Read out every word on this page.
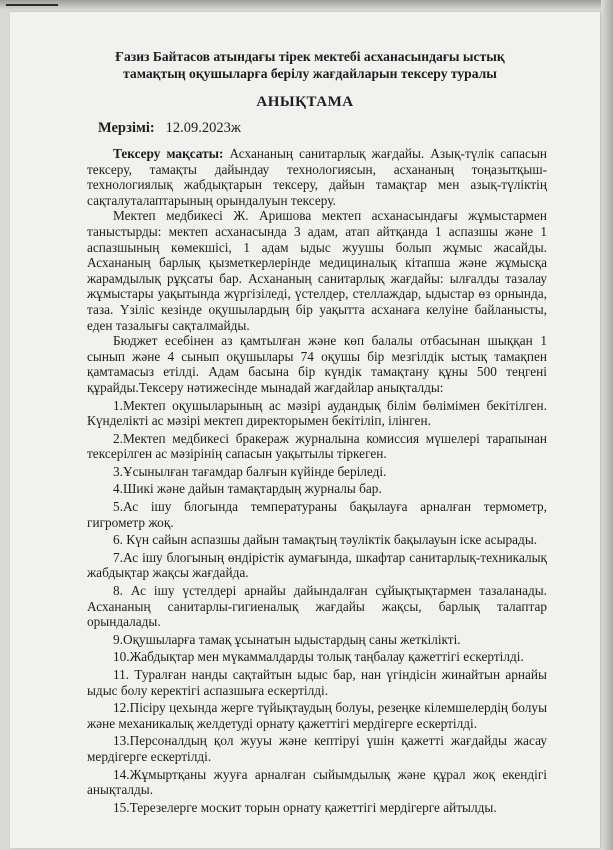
Ғазиз Байтасов атындағы тірек мектебі асханасындағы ыстық
тамақтың оқушыларға берілу жағдайларын тексеру туралы
АНЫҚТАМА
Мерзімі: 12.09.2023ж

Тексеру мақсаты: Асхананың санитарлық жағдайы. Азық-түлік сапасын тексеру, тамақты дайындау технологиясын, асхананың тоңазытқыш-технологиялық жабдықтарын тексеру, дайын тамақтар мен азық-түліктің сақталуталаптарының орындалуын тексеру.

Мектеп медбикесі Ж. Аришова мектеп асханасындағы жұмыстармен таныстырды: мектеп асханасында 3 адам, атап айтқанда 1 аспазшы және 1 аспазшының көмекшісі, 1 адам ыдыс жуушы болып жұмыс жасайды. Асхананың барлық қызметкерлерінде медициналық кітапша және жұмысқа жарамдылық рұқсаты бар. Асхананың санитарлық жағдайы: ылғалды тазалау жұмыстары уақытында жүргізіледі, үстелдер, стеллаждар, ыдыстар өз орнында, таза. Үзіліс кезінде оқушылардың бір уақытта асханаға келуіне байланысты, еден тазалығы сақталмайды.

Бюджет есебінен аз қамтылған және көп балалы отбасынан шыққан 1 сынып және 4 сынып оқушылары 74 оқушы бір мезгілдік ыстық тамақпен қамтамасыз етілді. Адам басына бір күндік тамақтану құны 500 теңгені құрайды.Тексеру нәтижесінде мынадай жағдайлар анықталды:

1.Мектеп оқушыларының ас мәзірі аудандық білім бөлімімен бекітілген. Күнделікті ас мәзірі мектеп директорымен бекітіліп, ілінген.

2.Мектеп медбикесі бракераж журналына комиссия мүшелері тарапынан тексерілген ас мәзірінің сапасын уақытылы тіркеген.

3.Ұсынылған тағамдар балғын күйінде беріледі.

4.Шикі және дайын тамақтардың журналы бар.

5.Ас ішу блогында температураны бақылауға арналған термометр, гигрометр жоқ.

6. Күн сайын аспазшы дайын тамақтың тәуліктік бақылауын іске асырады.

7.Ас ішу блогының өндірістік аумағында, шкафтар санитарлық-техникалық жабдықтар жақсы жағдайда.

8. Ас ішу үстелдері арнайы дайындалған сұйықтықтармен тазаланады. Асхананың санитарлы-гигиеналық жағдайы жақсы, барлық талаптар орындалады.

9.Оқушыларға тамақ ұсынатын ыдыстардың саны жеткілікті.

10.Жабдықтар мен мүкаммалдарды толық таңбалау қажеттігі ескертілді.

11. Туралған нанды сақтайтын ыдыс бар, нан үгіндісін жинайтын арнайы ыдыс болу керектігі аспазшыға ескертілді.

12.Пісіру цехында жерге түйықтаудың болуы, резеңке кілемшелердің болуы және механикалық желдетуді орнату қажеттігі мердігерге ескертілді.

13.Персоналдың қол жууы және кептіруі үшін қажетті жағдайды жасау мердігерге ескертілді.

14.Жұмыртқаны жууға арналған сыйымдылық және құрал жоқ екендігі анықталды.

15.Терезелерге москит торын орнату қажеттігі мердігерге айтылды.
